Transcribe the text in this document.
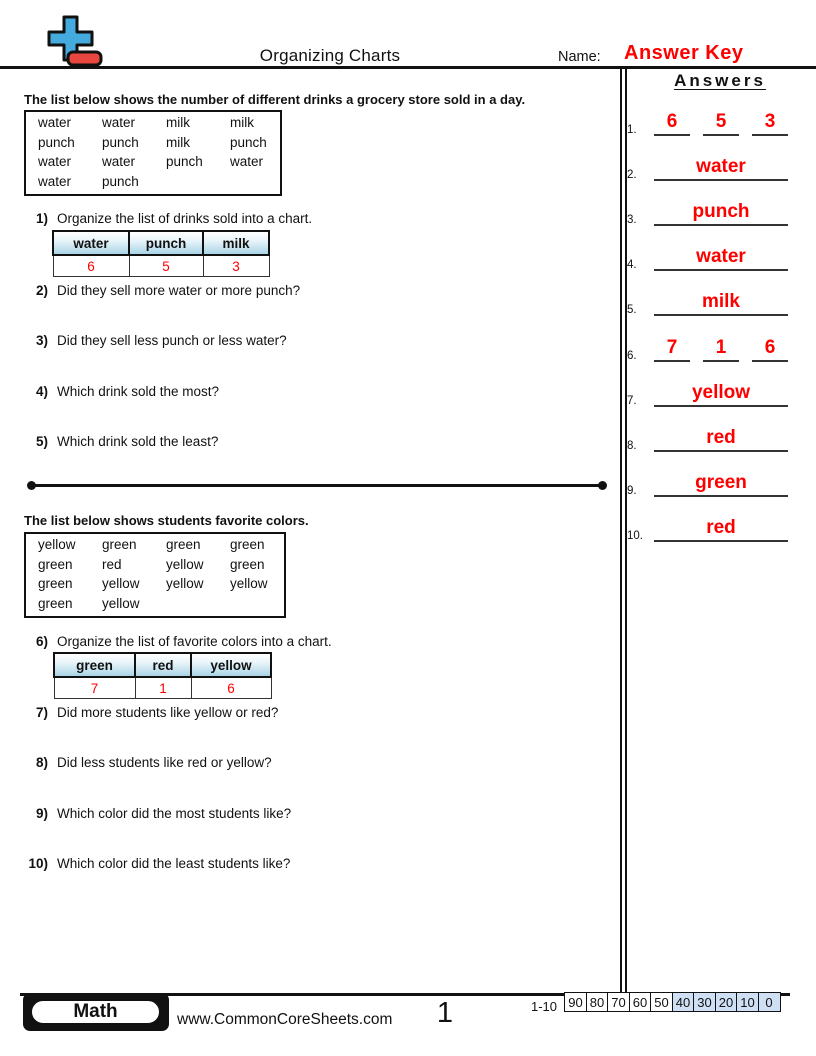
Organizing Charts	Name: Answer Key
Answers
1.	6	5	3
2.	water
3.	punch
4.	water
5.	milk
6.	7	1	6
7.	yellow
8.	red
9.	green
10.	red
The list below shows the number of different drinks a grocery store sold in a day.
water water milk	milk
punch punch milk	punch
water water punch water
water punch
1) Organize the list of drinks sold into a chart.
water	punch	milk
6	5	3
2) Did they sell more water or more punch?
3) Did they sell less punch or less water?
4) Which drink sold the most?
5) Which drink sold the least?
The list below shows students favorite colors.
yellow green green green
green red	yellow green
green yellow yellow yellow
green yellow
6) Organize the list of favorite colors into a chart.
green	red	yellow
7	1	6
7) Did more students like yellow or red?
8) Did less students like red or yellow?
9) Which color did the most students like?
10) Which color did the least students like?
Math	www.CommonCoreSheets.com	1	1-10 90 80 70 60 50 40 30 20 10 0
